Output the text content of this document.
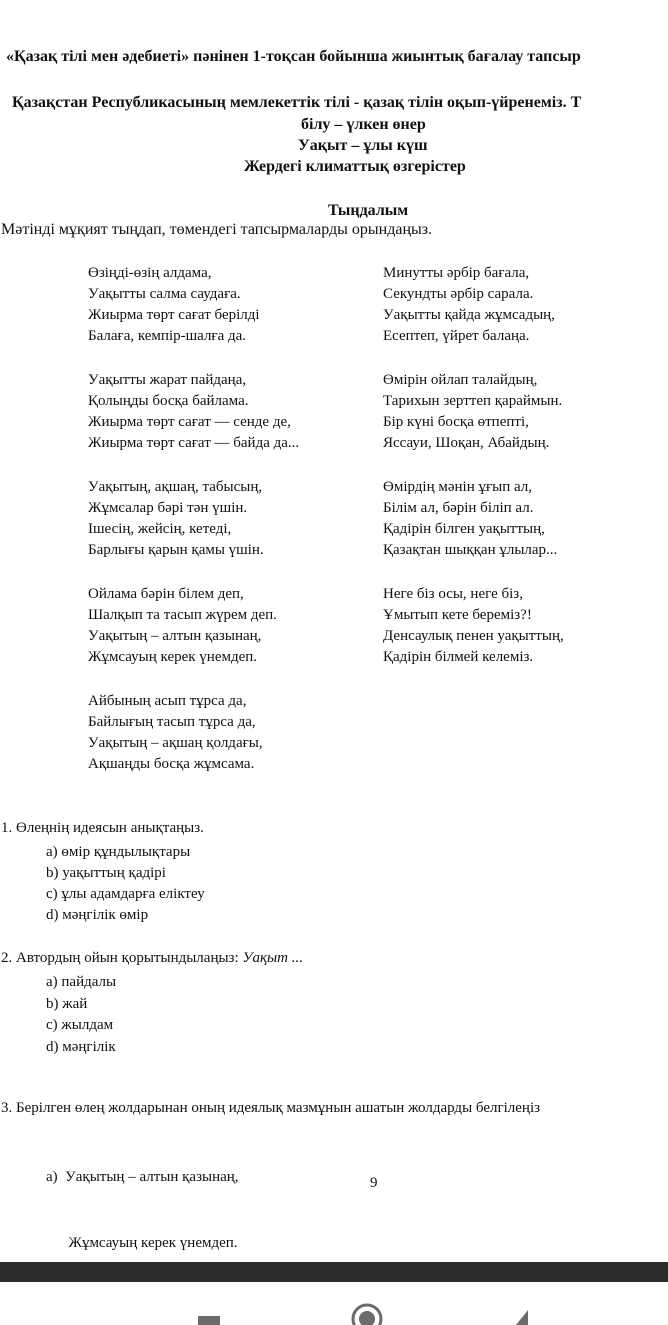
«Қазақ тілі мен әдебиеті» пәнінен 1-тоқсан бойынша жиынтық бағалау тапсыр
Қазақстан Республикасының мемлекеттік тілі - қазақ тілін оқып-үйренеміз. Т
білу – үлкен өнер
Уақыт – ұлы күш
Жердегі климаттық өзгерістер
Тыңдалым
Мәтінді мұқият тыңдап, төмендегі тапсырмаларды орындаңыз.
Өзіңді-өзің алдама,
Уақытты салма саудаға.
Жиырма төрт сағат берілді
Балаға, кемпір-шалға да.
Уақытты жарат пайдаңа,
Қолыңды босқа байлама.
Жиырма төрт сағат — сенде де,
Жиырма төрт сағат — байда да...
Уақытың, ақшаң, табысың,
Жұмсалар бәрі тән үшін.
Ішесің, жейсің, кетеді,
Барлығы қарын қамы үшін.
Ойлама бәрін білем деп,
Шалқып та тасып жүрем деп.
Уақытың – алтын қазынаң,
Жұмсауың керек үнемдеп.
Айбының асып тұрса да,
Байлығың тасып тұрса да,
Уақытың – ақшаң қолдағы,
Ақшаңды босқа жұмсама.
Минутты әрбір бағала,
Секундты әрбір сарала.
Уақытты қайда жұмсадың,
Есептеп, үйрет балаңа.
Өмірін ойлап талайдың,
Тарихын зерттеп қараймын.
Бір күні босқа өтпепті,
Яссауи, Шоқан, Абайдың.
Өмірдің мәнін ұғып ал,
Білім ал, бәрін біліп ал.
Қадірін білген уақыттың,
Қазақтан шыққан ұлылар...
Неге біз осы, неге біз,
Ұмытып кете береміз?!
Денсаулық пенен уақыттың,
Қадірін білмей келеміз.
1. Өлеңнің идеясын анықтаңыз.
a) өмір құндылықтары
b) уақыттың қадірі
c) ұлы адамдарға еліктеу
d) мәңгілік өмір
2. Автордың ойын қорытындылаңыз: Уақыт ...
a) пайдалы
b) жай
c) жылдам
d) мәңгілік
3. Берілген өлең жолдарынан оның идеялық мазмұнын ашатын жолдарды белгілеңіз

a)  Уақытың – алтын қазынаң,

Жұмсауың керек үнемдеп.

9
